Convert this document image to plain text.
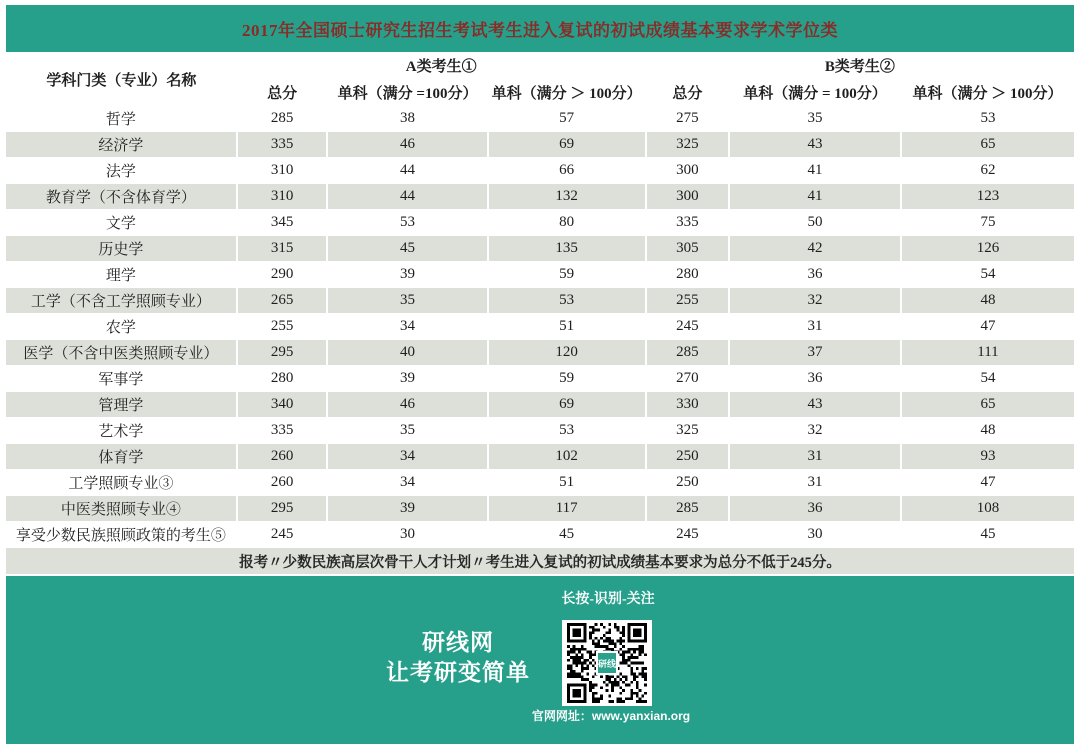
2017年全国硕士研究生招生考试考生进入复试的初试成绩基本要求学术学位类
学科门类（专业）名称	A类考生①			B类考生②		
	总分	单科（满分 =100分）	单科（满分 ＞ 100分）	总分	单科（满分 = 100分）	单科（满分 ＞ 100分）
哲学	285	38	57	275	35	53
经济学	335	46	69	325	43	65
法学	310	44	66	300	41	62
教育学（不含体育学）	310	44	132	300	41	123
文学	345	53	80	335	50	75
历史学	315	45	135	305	42	126
理学	290	39	59	280	36	54
工学（不含工学照顾专业）	265	35	53	255	32	48
农学	255	34	51	245	31	47
医学（不含中医类照顾专业）	295	40	120	285	37	111
军事学	280	39	59	270	36	54
管理学	340	46	69	330	43	65
艺术学	335	35	53	325	32	48
体育学	260	34	102	250	31	93
工学照顾专业③	260	34	51	250	31	47
中医类照顾专业④	295	39	117	285	36	108
享受少数民族照顾政策的考生⑤	245	30	45	245	30	45
报考〃少数民族高层次骨干人才计划〃考生进入复试的初试成绩基本要求为总分不低于245分。
长按-识别-关注
研线网
让考研变简单	研线
官网网址：www.yanxian.org
